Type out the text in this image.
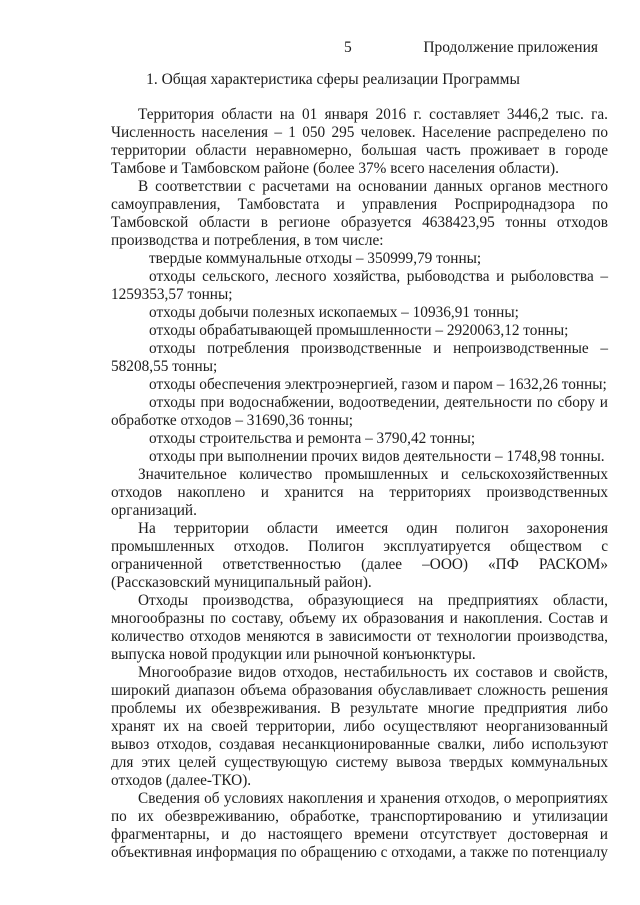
5	Продолжение приложения
1. Общая характеристика сферы реализации Программы

Территория области на 01 января 2016 г. составляет 3446,2 тыс. га. Численность населения – 1 050 295 человек. Население распределено по территории области неравномерно, большая часть проживает в городе Тамбове и Тамбовском районе (более 37% всего населения области).

В соответствии с расчетами на основании данных органов местного самоуправления, Тамбовстата и управления Росприроднадзора по Тамбовской области в регионе образуется 4638423,95 тонны отходов производства и потребления, в том числе:

твердые коммунальные отходы – 350999,79 тонны;

отходы сельского, лесного хозяйства, рыбоводства и рыболовства – 1259353,57 тонны;

отходы добычи полезных ископаемых – 10936,91 тонны;

отходы обрабатывающей промышленности – 2920063,12 тонны;

отходы потребления производственные и непроизводственные – 58208,55 тонны;

отходы обеспечения электроэнергией, газом и паром – 1632,26 тонны;

отходы при водоснабжении, водоотведении, деятельности по сбору и обработке отходов – 31690,36 тонны;

отходы строительства и ремонта – 3790,42 тонны;

отходы при выполнении прочих видов деятельности – 1748,98 тонны.

Значительное количество промышленных и сельскохозяйственных отходов накоплено и хранится на территориях производственных организаций.

На территории области имеется один полигон захоронения промышленных отходов. Полигон эксплуатируется обществом с ограниченной ответственностью (далее –ООО) «ПФ РАСКОМ» (Рассказовский муниципальный район).

Отходы производства, образующиеся на предприятиях области, многообразны по составу, объему их образования и накопления. Состав и количество отходов меняются в зависимости от технологии производства, выпуска новой продукции или рыночной конъюнктуры.

Многообразие видов отходов, нестабильность их составов и свойств, широкий диапазон объема образования обуславливает сложность решения проблемы их обезвреживания. В результате многие предприятия либо хранят их на своей территории, либо осуществляют неорганизованный вывоз отходов, создавая несанкционированные свалки, либо используют для этих целей существующую систему вывоза твердых коммунальных отходов (далее-ТКО).

Сведения об условиях накопления и хранения отходов, о мероприятиях по их обезвреживанию, обработке, транспортированию и утилизации фрагментарны, и до настоящего времени отсутствует достоверная и объективная информация по обращению с отходами, а также по потенциалу
